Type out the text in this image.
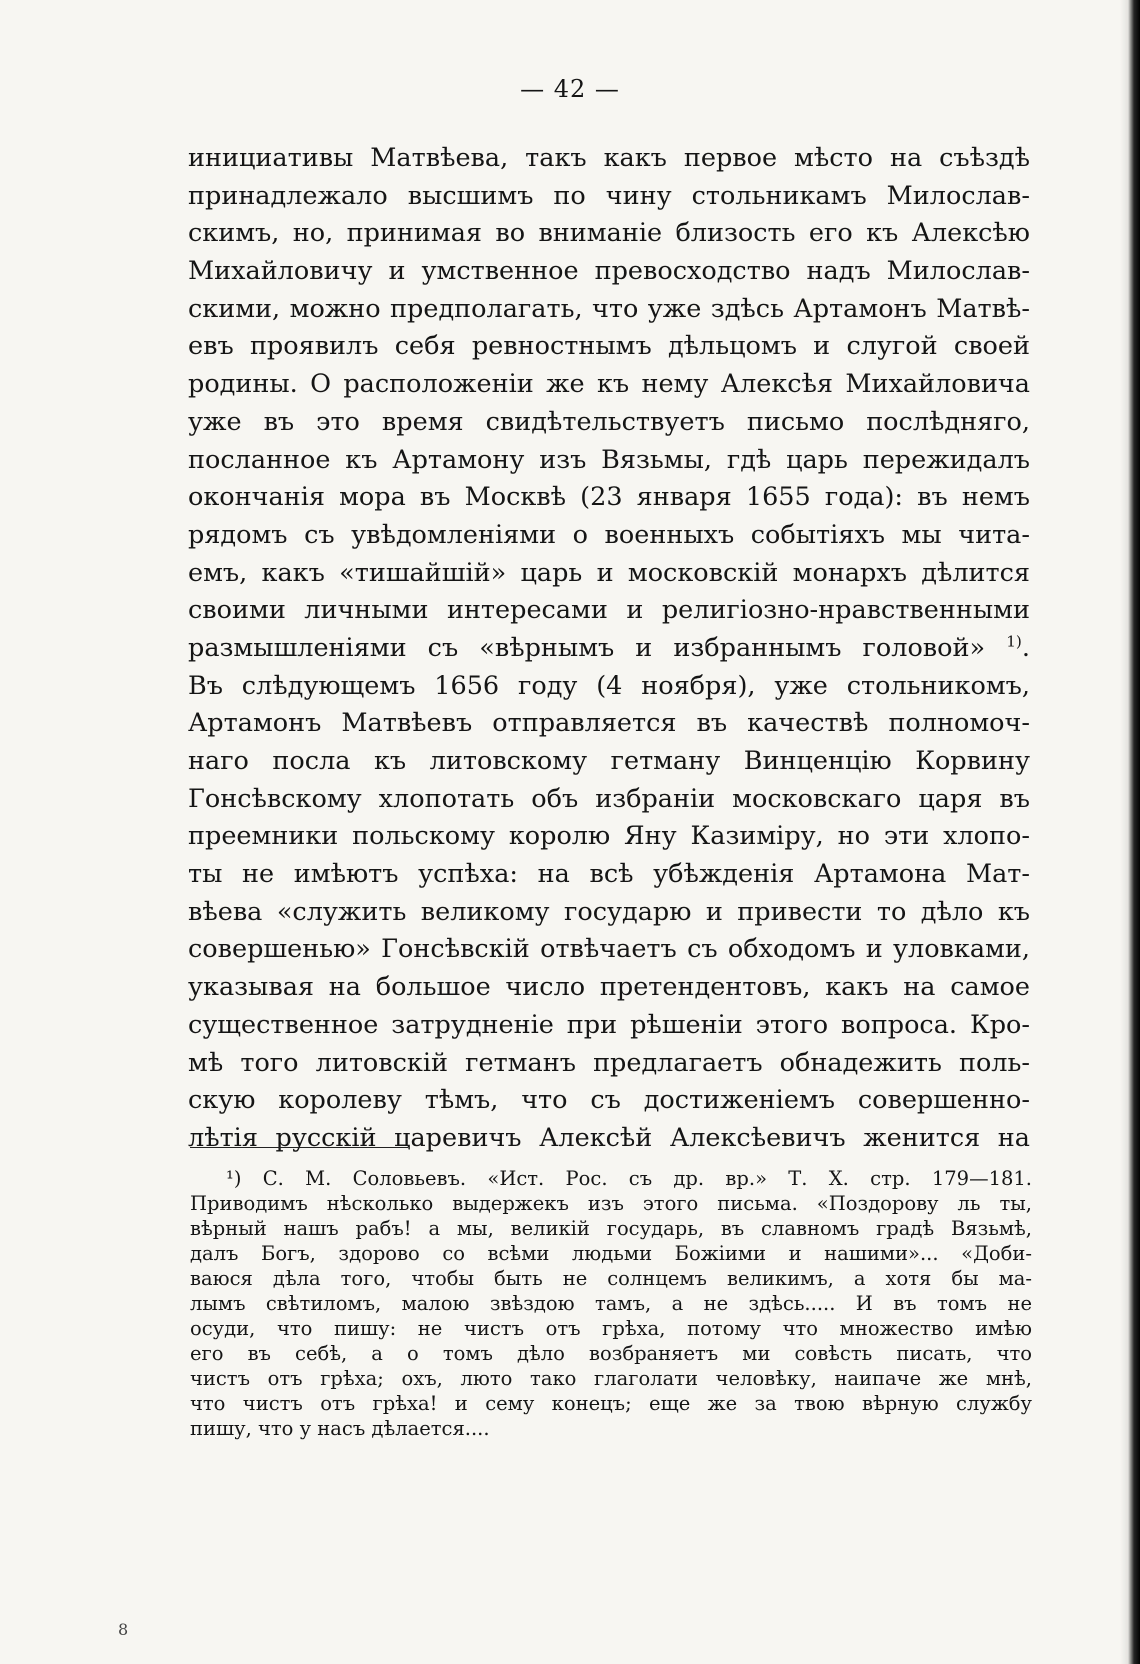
— 42 —
инициативы Матвѣева, такъ какъ первое мѣсто на съѣздѣ
принадлежало высшимъ по чину стольникамъ Милослав-
скимъ, но, принимая во вниманіе близость его къ Алексѣю
Михайловичу и умственное превосходство надъ Милослав-
скими, можно предполагать, что уже здѣсь Артамонъ Матвѣ-
евъ проявилъ себя ревностнымъ дѣльцомъ и слугой своей
родины. О расположеніи же къ нему Алексѣя Михайловича
уже въ это время свидѣтельствуетъ письмо послѣдняго,
посланное къ Артамону изъ Вязьмы, гдѣ царь пережидалъ
окончанія мора въ Москвѣ (23 января 1655 года): въ немъ
рядомъ съ увѣдомленіями о военныхъ событіяхъ мы чита-
емъ, какъ «тишайшій» царь и московскій монархъ дѣлится
своими личными интересами и религіозно-нравственными
размышленіями съ «вѣрнымъ и избраннымъ головой» $^{1)}$.
Въ слѣдующемъ 1656 году (4 ноября), уже стольникомъ,
Артамонъ Матвѣевъ отправляется въ качествѣ полномоч-
наго посла къ литовскому гетману Винценцію Корвину
Гонсѣвскому хлопотать объ избраніи московскаго царя въ
преемники польскому королю Яну Казиміру, но эти хлопо-
ты не имѣютъ успѣха: на всѣ убѣжденія Артамона Мат-
вѣева «служить великому государю и привести то дѣло къ
совершенью» Гонсѣвскій отвѣчаетъ съ обходомъ и уловками,
указывая на большое число претендентовъ, какъ на самое
существенное затрудненіе при рѣшеніи этого вопроса. Кро-
мѣ того литовскій гетманъ предлагаетъ обнадежить поль-
скую королеву тѣмъ, что съ достиженіемъ совершенно-
лѣтія русскій царевичъ Алексѣй Алексѣевичъ женится на
¹) С. М. Соловьевъ. «Ист. Рос. съ др. вр.» Т. X. стр. 179—181.
Приводимъ нѣсколько выдержекъ изъ этого письма. «Поздорову ль ты,
вѣрный нашъ рабъ! а мы, великій государь, въ славномъ градѣ Вязьмѣ,
далъ Богъ, здорово со всѣми людьми Божіими и нашими»... «Доби-
ваюся дѣла того, чтобы быть не солнцемъ великимъ, а хотя бы ма-
лымъ свѣтиломъ, малою звѣздою тамъ, а не здѣсь..... И въ томъ не
осуди, что пишу: не чистъ отъ грѣха, потому что множество имѣю
его въ себѣ, а о томъ дѣло возбраняетъ ми совѣсть писать, что
чистъ отъ грѣха; охъ, люто тако глаголати человѣку, наипаче же мнѣ,
что чистъ отъ грѣха! и сему конецъ; еще же за твою вѣрную службу
пишу, что у насъ дѣлается....
8
